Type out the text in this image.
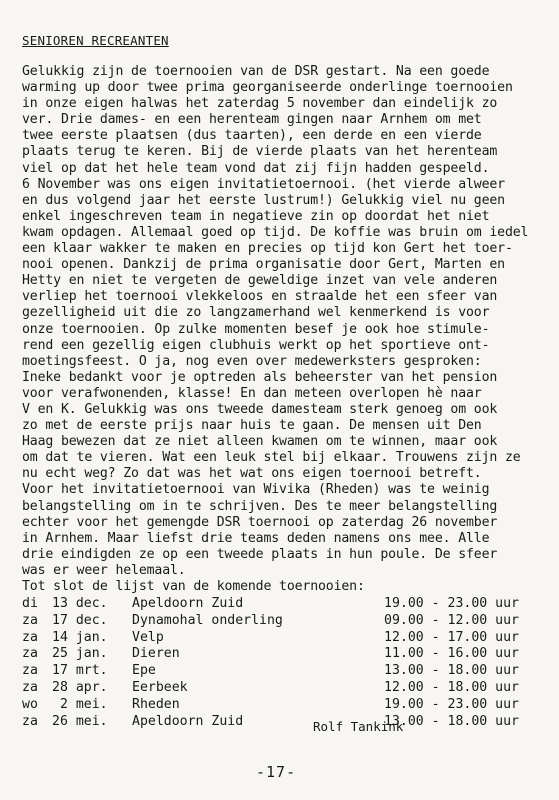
SENIOREN RECREANTEN
Gelukkig zijn de toernooien van de DSR gestart. Na een goede
warming up door twee prima georganiseerde onderlinge toernooien
in onze eigen halwas het zaterdag 5 november dan eindelijk zo
ver. Drie dames- en een herenteam gingen naar Arnhem om met
twee eerste plaatsen (dus taarten), een derde en een vierde
plaats terug te keren. Bij de vierde plaats van het herenteam
viel op dat het hele team vond dat zij fijn hadden gespeeld.
6 November was ons eigen invitatietoernooi. (het vierde alweer
en dus volgend jaar het eerste lustrum!) Gelukkig viel nu geen
enkel ingeschreven team in negatieve zin op doordat het niet
kwam opdagen. Allemaal goed op tijd. De koffie was bruin om iedel
een klaar wakker te maken en precies op tijd kon Gert het toer-
nooi openen. Dankzij de prima organisatie door Gert, Marten en
Hetty en niet te vergeten de geweldige inzet van vele anderen
verliep het toernooi vlekkeloos en straalde het een sfeer van
gezelligheid uit die zo langzamerhand wel kenmerkend is voor
onze toernooien. Op zulke momenten besef je ook hoe stimule-
rend een gezellig eigen clubhuis werkt op het sportieve ont-
moetingsfeest. O ja, nog even over medewerksters gesproken:
Ineke bedankt voor je optreden als beheerster van het pension
voor verafwonenden, klasse! En dan meteen overlopen hè naar
V en K. Gelukkig was ons tweede damesteam sterk genoeg om ook
zo met de eerste prijs naar huis te gaan. De mensen uit Den
Haag bewezen dat ze niet alleen kwamen om te winnen, maar ook
om dat te vieren. Wat een leuk stel bij elkaar. Trouwens zijn ze
nu echt weg? Zo dat was het wat ons eigen toernooi betreft.
Voor het invitatietoernooi van Wivika (Rheden) was te weinig
belangstelling om in te schrijven. Des te meer belangstelling
echter voor het gemengde DSR toernooi op zaterdag 26 november
in Arnhem. Maar liefst drie teams deden namens ons mee. Alle
drie eindigden ze op een tweede plaats in hun poule. De sfeer
was er weer helemaal.
Tot slot de lijst van de komende toernooien:
di 13 dec. Apeldoorn Zuid	19.00 - 23.00 uur
za 17 dec. Dynamohal onderling	09.00 - 12.00 uur
za 14 jan. Velp	12.00 - 17.00 uur
za 25 jan. Dieren	11.00 - 16.00 uur
za 17 mrt. Epe	13.00 - 18.00 uur
za 28 apr. Eerbeek	12.00 - 18.00 uur
wo 2 mei. Rheden	19.00 - 23.00 uur
za 26 mei. Apeldoorn Zuid	13.00 - 18.00 uur
Rolf Tankink
-17-
